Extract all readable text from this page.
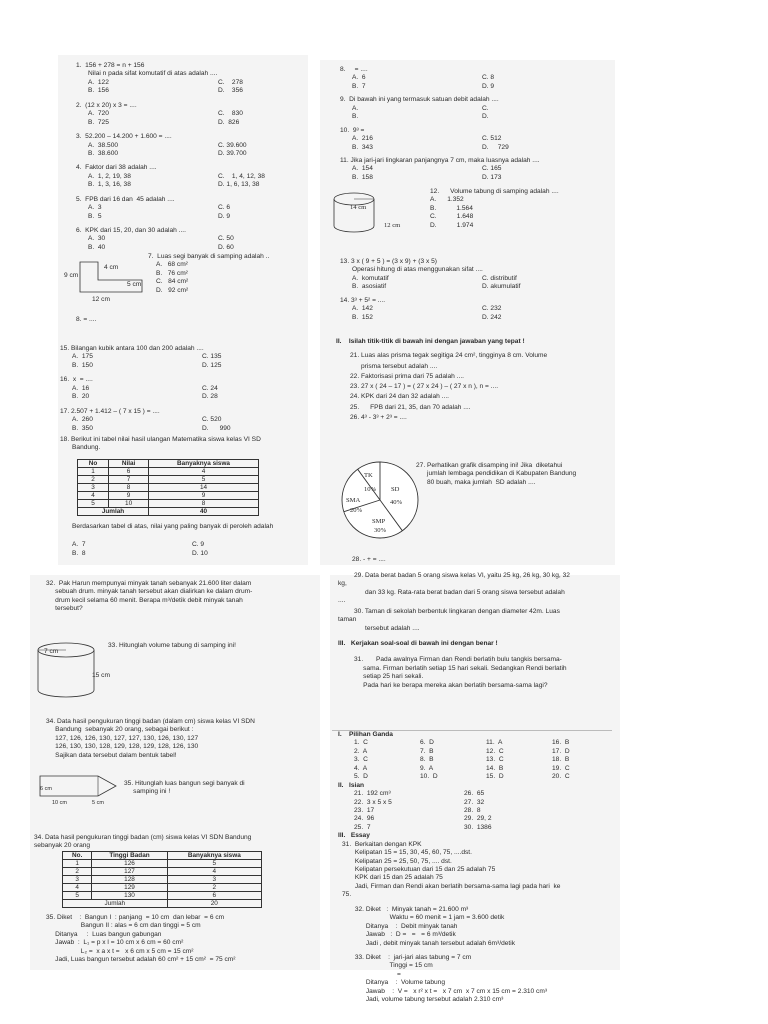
1.  156 + 278 = n + 156

Nilai n pada sifat komutatif di atas adalah ....

A.  122	C.    278

B.  156	D.    356

2.  (12 x 20) x 3 = ....

A.  720	C.    830

B.  725	D.  826

3.  52.200 – 14.200 + 1.600 = ....

A.  38.500	C. 39.600

B.  38.600	D. 39.700

4.  Faktor dari 38 adalah ....

A.  1, 2, 19, 38	C.    1, 4, 12, 38

B.  1, 3, 16, 38	D. 1, 6, 13, 38

5.  FPB dari 16 dan  45 adalah ....

A.  3	C. 6

B.  5	D. 9

6.  KPK dari 15, 20, dan 30 adalah ....

A.  30	C. 50

B.  40	D. 60

7.  Luas segi banyak di samping adalah ..

A.   68 cm²

B.   76 cm²

C.   84 cm²

D.   92 cm²

4 cm
9 cm
5 cm
12 cm
8. = ....

15. Bilangan kubik antara 100 dan 200 adalah ....

A.  175	C. 135

B.  150	D. 125

16.  x  = ....

A.  16	C. 24

B.  20	D. 28

17. 2.507 + 1.412 – ( 7 x 15 ) = ....

A.  260	C. 520

B.  350	D.      990

18. Berikut ini tabel nilai hasil ulangan Matematika siswa kelas VI SD

Bandung.

No	Nilai	Banyaknya siswa
1	6	4
2	7	5
3	8	14
4	9	9
5	10	8
Jumlah		40

Berdasarkan tabel di atas, nilai yang paling banyak di peroleh adalah

A.  7	C. 9

B.  8	D. 10

8.     = ....

A.  6	C. 8

B.  7	D. 9

9.  Di bawah ini yang termasuk satuan debit adalah ....

A.	C.

B.	D.

10.  9³ =

A.  216	C. 512

B.  343	D.     729

11. Jika jari-jari lingkaran panjangnya 7 cm, maka luasnya adalah ....

A.  154	C. 165

B.  158	D. 173

14 cm
12 cm

12.      Volume tabung di samping adalah ....

A.      1.352

B.           1.564

C.           1.648

D.           1.974

13. 3 x ( 9 + 5 ) = (3 x 9) + (3 x 5)

Operasi hitung di atas menggunakan sifat ....

A.  komutatif	C. distributif

B.  asosiatif	D. akumulatif

14. 3³ + 5² = ....

A.  142	C. 232

B.  152	D. 242

II.    Isilah titik-titik di bawah ini dengan jawaban yang tepat !

21. Luas alas prisma tegak segitiga 24 cm², tingginya 8 cm. Volume

prisma tersebut adalah ....

22. Faktorisasi prima dari 75 adalah ....

23. 27 x ( 24 – 17 ) = ( 27 x 24 ) – ( 27 x n ), n = ....

24. KPK dari 24 dan 32 adalah ....

25.      FPB dari 21, 35, dan 70 adalah ....

26. 4³ - 3³ + 2³ = ....

TK
10% SD
40%
SMA
20%
SMP
30%

27. Perhatikan grafik disamping ini! Jika  diketahui

jumlah lembaga pendidikan di Kabupaten Bandung

80 buah, maka jumlah  SD adalah ....

28. - + = ....

29. Data berat badan 5 orang siswa kelas VI, yaitu 25 kg, 26 kg, 30 kg, 32

kg,

dan 33 kg. Rata-rata berat badan dari 5 orang siswa tersebut adalah

....

30. Taman di sekolah berbentuk lingkaran dengan diameter 42m. Luas

taman

tersebut adalah ....

III.   Kerjakan soal-soal di bawah ini dengan benar !

31.       Pada awalnya Firman dan Rendi berlatih bulu tangkis bersama-

sama. Firman berlatih setiap 15 hari sekali. Sedangkan Rendi berlatih

setiap 25 hari sekali.

Pada hari ke berapa mereka akan berlatih bersama-sama lagi?

32.  Pak Harun mempunyai minyak tanah sebanyak 21.600 liter dalam

sebuah drum. minyak tanah tersebut akan dialirkan ke dalam drum-

drum kecil selama 60 menit. Berapa m³/detik debit minyak tanah

tersebut?

7 cm
15 cm
33. Hitunglah volume tabung di samping ini!

34. Data hasil pengukuran tinggi badan (dalam cm) siswa kelas VI SDN

Bandung  sebanyak 20 orang, sebagai berikut :

127, 126, 126, 130, 127, 127, 130, 126, 130, 127

126, 130, 130, 128, 129, 128, 129, 128, 126, 130

Sajikan data tersebut dalam bentuk tabel!

6 cm
10 cm	5 cm

35. Hitunglah luas bangun segi banyak di

samping ini !

34. Data hasil pengukuran tinggi badan (cm) siswa kelas VI SDN Bandung

sebanyak 20 orang

No.	Tinggi Badan	Banyaknya siswa
1	126	5
2	127	4
3	128	3
4	129	2
5	130	6
Jumlah		20

35. Diket    :  Bangun I  : panjang  = 10 cm  dan lebar  = 6 cm

Bangun II : alas = 6 cm dan tinggi = 5 cm

Ditanya     :  Luas bangun gabungan

Jawab  :  L₁ = p x l = 10 cm x 6 cm = 60 cm²

L₂ =  x a x t =   x 6 cm x 5 cm = 15 cm²

Jadi, Luas bangun tersebut adalah 60 cm² + 15 cm²  = 75 cm²

I.    Pilihan Ganda

1.  C	6.  D	11.  A	16.  B

2.  A	7.  B	12.  C	17.  D

3.  C	8.  B	13.  C	18.  B

4.  A	9.  A	14.  B	19.  C

5.  D	10.  D	15.  D	20.  C

II.   Isian

21.  192 cm³	26.  65

22.  3 x 5 x 5	27.  32

23.  17	28.  8

24.  96	29.  29, 2

25.  7	30.  1386

III.   Essay

31.  Berkaitan dengan KPK

Kelipatan 15 = 15, 30, 45, 60, 75, ....dst.

Kelipatan 25 = 25, 50, 75, .... dst.

Kelipatan persekutuan dari 15 dan 25 adalah 75

KPK dari 15 dan 25 adalah 75

Jadi, Firman dan Rendi akan berlatih bersama-sama lagi pada hari  ke

75.

32. Diket   :  Minyak tanah = 21.600 m³

Waktu = 60 menit = 1 jam = 3.600 detik

Ditanya    :  Debit minyak tanah

Jawab   :  D =   =   = 6 m³/detik

Jadi , debit minyak tanah tersebut adalah 6m³/detik

33. Diket    :  jari-jari alas tabung = 7 cm

Tinggi = 15 cm

=

Ditanya    :  Volume tabung

Jawab    :  V =   x r² x t =   x 7 cm  x 7 cm x 15 cm = 2.310 cm³

Jadi, volume tabung tersebut adalah 2.310 cm³
